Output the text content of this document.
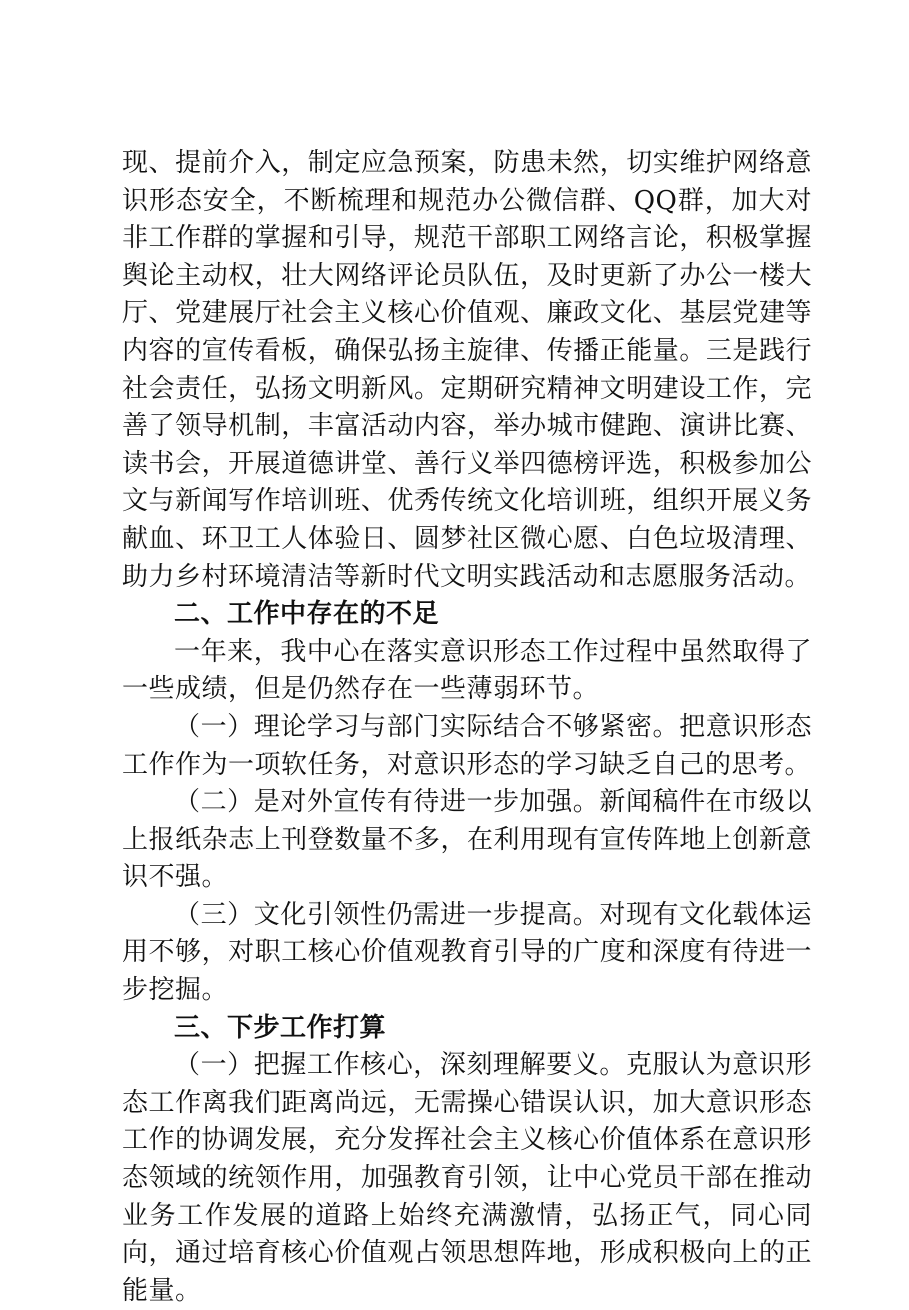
现、提前介入，制定应急预案，防患未然，切实维护网络意识形态安全，不断梳理和规范办公微信群、QQ群，加大对非工作群的掌握和引导，规范干部职工网络言论，积极掌握舆论主动权，壮大网络评论员队伍，及时更新了办公一楼大厅、党建展厅社会主义核心价值观、廉政文化、基层党建等内容的宣传看板，确保弘扬主旋律、传播正能量。三是践行社会责任，弘扬文明新风。定期研究精神文明建设工作，完善了领导机制，丰富活动内容，举办城市健跑、演讲比赛、读书会，开展道德讲堂、善行义举四德榜评选，积极参加公文与新闻写作培训班、优秀传统文化培训班，组织开展义务献血、环卫工人体验日、圆梦社区微心愿、白色垃圾清理、助力乡村环境清洁等新时代文明实践活动和志愿服务活动。

二、工作中存在的不足

一年来，我中心在落实意识形态工作过程中虽然取得了一些成绩，但是仍然存在一些薄弱环节。

（一）理论学习与部门实际结合不够紧密。把意识形态工作作为一项软任务，对意识形态的学习缺乏自己的思考。

（二）是对外宣传有待进一步加强。新闻稿件在市级以上报纸杂志上刊登数量不多，在利用现有宣传阵地上创新意识不强。

（三）文化引领性仍需进一步提高。对现有文化载体运用不够，对职工核心价值观教育引导的广度和深度有待进一步挖掘。

三、下步工作打算

（一）把握工作核心，深刻理解要义。克服认为意识形态工作离我们距离尚远，无需操心错误认识，加大意识形态工作的协调发展，充分发挥社会主义核心价值体系在意识形态领域的统领作用，加强教育引领，让中心党员干部在推动业务工作发展的道路上始终充满激情，弘扬正气，同心同向，通过培育核心价值观占领思想阵地，形成积极向上的正能量。
